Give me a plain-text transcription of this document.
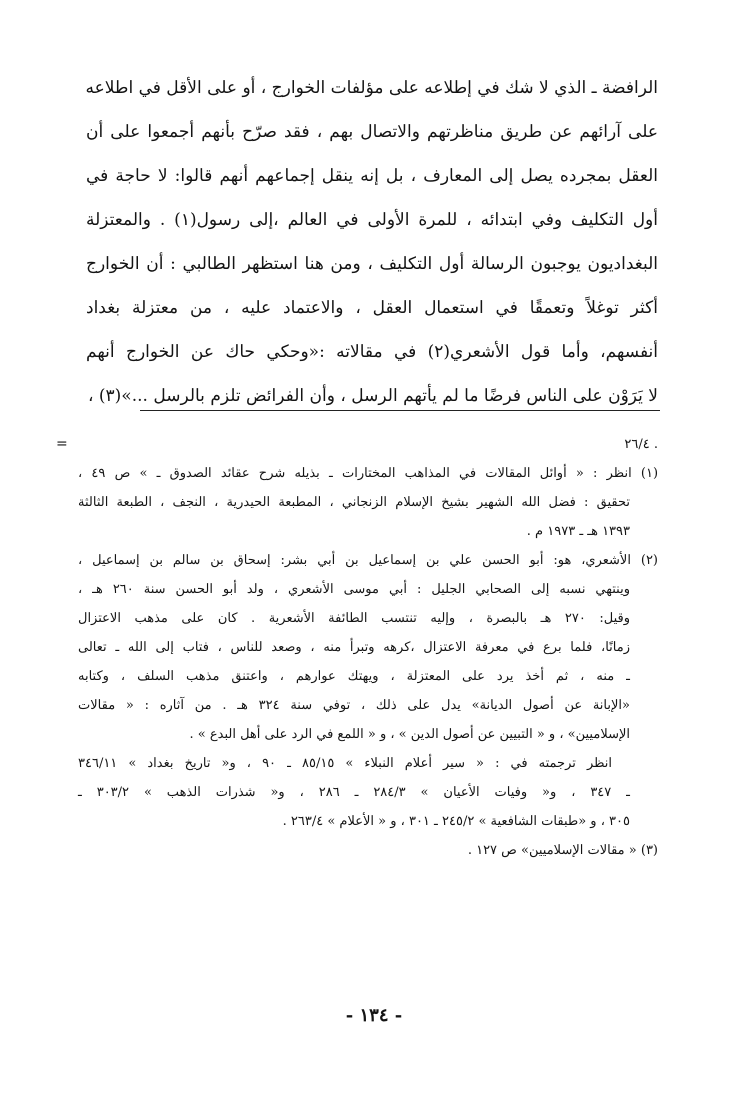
الرافضة ـ الذي لا شك في إطلاعه على مؤلفات الخوارج ، أو على الأقل في اطلاعه
على آرائهم عن طريق مناظرتهم والاتصال بهم ، فقد صرّح بأنهم أجمعوا على أن
العقل بمجرده يصل إلى المعارف ، بل إنه ينقل إجماعهم أنهم قالوا: لا حاجة في
أول التكليف وفي ابتدائه ، للمرة الأولى في العالم ،إلى رسول(١) . والمعتزلة
البغداديون يوجبون الرسالة أول التكليف ، ومن هنا استظهر الطالبي : أن الخوارج
أكثر توغلاً وتعمقًا في استعمال العقل ، والاعتماد عليه ، من معتزلة بغداد
أنفسهم، وأما قول الأشعري(٢) في مقالاته :«وحكي حاك عن الخوارج أنهم
لا يَرَوْن على الناس فرضًا ما لم يأتهم الرسل ، وأن الفرائض تلزم بالرسل ...»(٣) ،
. ٢٦/٤
=
(١) انظر : « أوائل المقالات في المذاهب المختارات ـ بذيله شرح عقائد الصدوق ـ » ص ٤٩ ،
تحقيق : فضل الله الشهير بشيخ الإسلام الزنجاني ، المطبعة الحيدرية ، النجف ، الطبعة الثالثة
١٣٩٣ هـ ـ ١٩٧٣ م .
(٢) الأشعري، هو: أبو الحسن علي بن إسماعيل بن أبي بشر: إسحاق بن سالم بن إسماعيل ،
وينتهي نسبه إلى الصحابي الجليل : أبي موسى الأشعري ، ولد أبو الحسن سنة ٢٦٠ هـ ،
وقيل: ٢٧٠ هـ بالبصرة ، وإليه تنتسب الطائفة الأشعرية . كان على مذهب الاعتزال
زمانًا، فلما برع في معرفة الاعتزال ،كرهه وتبرأ منه ، وصعد للناس ، فتاب إلى الله ـ تعالى
ـ منه ، ثم أخذ يرد على المعتزلة ، ويهتك عوارهم ، واعتنق مذهب السلف ، وكتابه
«الإبانة عن أصول الديانة» يدل على ذلك ، توفي سنة ٣٢٤ هـ . من آثاره : « مقالات
الإسلاميين» ، و « التبيين عن أصول الدين » ، و « اللمع في الرد على أهل البدع » .
انظر ترجمته في : « سير أعلام النبلاء » ٨٥/١٥ ـ ٩٠ ، و« تاريخ بغداد » ٣٤٦/١١
ـ ٣٤٧ ، و« وفيات الأعيان » ٢٨٤/٣ ـ ٢٨٦ ، و« شذرات الذهب » ٣٠٣/٢ ـ
٣٠٥ ، و «طبقات الشافعية » ٢٤٥/٢ ـ ٣٠١ ، و « الأعلام » ٢٦٣/٤ .
(٣) « مقالات الإسلاميين» ص ١٢٧ .
- ١٣٤ -
